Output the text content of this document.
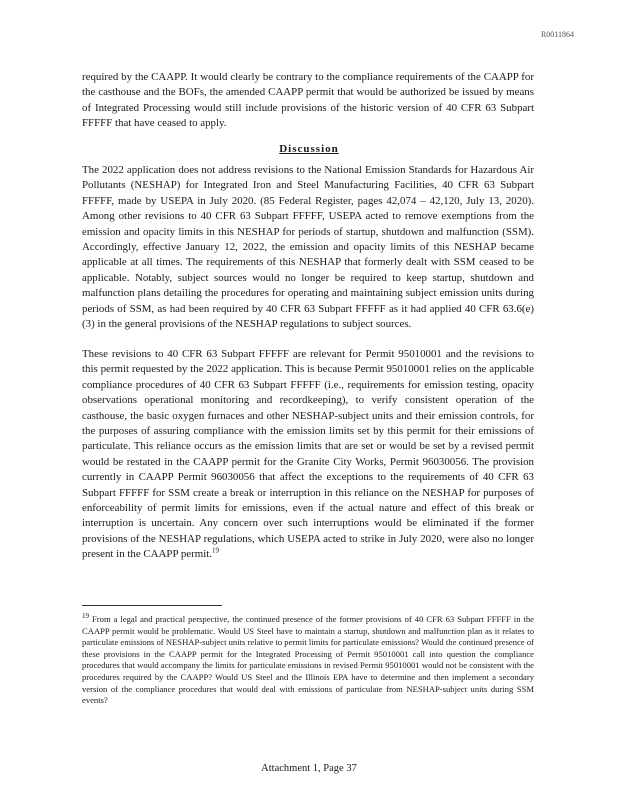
R0011864

required by the CAAPP. It would clearly be contrary to the compliance requirements of the CAAPP for the casthouse and the BOFs, the amended CAAPP permit that would be authorized be issued by means of Integrated Processing would still include provisions of the historic version of 40 CFR 63 Subpart FFFFF that have ceased to apply.

Discussion

The 2022 application does not address revisions to the National Emission Standards for Hazardous Air Pollutants (NESHAP) for Integrated Iron and Steel Manufacturing Facilities, 40 CFR 63 Subpart FFFFF, made by USEPA in July 2020. (85 Federal Register, pages 42,074 – 42,120, July 13, 2020). Among other revisions to 40 CFR 63 Subpart FFFFF, USEPA acted to remove exemptions from the emission and opacity limits in this NESHAP for periods of startup, shutdown and malfunction (SSM). Accordingly, effective January 12, 2022, the emission and opacity limits of this NESHAP became applicable at all times. The requirements of this NESHAP that formerly dealt with SSM ceased to be applicable. Notably, subject sources would no longer be required to keep startup, shutdown and malfunction plans detailing the procedures for operating and maintaining subject emission units during periods of SSM, as had been required by 40 CFR 63 Subpart FFFFF as it had applied 40 CFR 63.6(e)(3) in the general provisions of the NESHAP regulations to subject sources.

These revisions to 40 CFR 63 Subpart FFFFF are relevant for Permit 95010001 and the revisions to this permit requested by the 2022 application. This is because Permit 95010001 relies on the applicable compliance procedures of 40 CFR 63 Subpart FFFFF (i.e., requirements for emission testing, opacity observations operational monitoring and recordkeeping), to verify consistent operation of the casthouse, the basic oxygen furnaces and other NESHAP-subject units and their emission controls, for the purposes of assuring compliance with the emission limits set by this permit for their emissions of particulate. This reliance occurs as the emission limits that are set or would be set by a revised permit would be restated in the CAAPP permit for the Granite City Works, Permit 96030056. The provision currently in CAAPP Permit 96030056 that affect the exceptions to the requirements of 40 CFR 63 Subpart FFFFF for SSM create a break or interruption in this reliance on the NESHAP for purposes of enforceability of permit limits for emissions, even if the actual nature and effect of this break or interruption is uncertain. Any concern over such interruptions would be eliminated if the former provisions of the NESHAP regulations, which USEPA acted to strike in July 2020, were also no longer present in the CAAPP permit.$^{19}$

$^{19}$ From a legal and practical perspective, the continued presence of the former provisions of 40 CFR 63 Subpart FFFFF in the CAAPP permit would be problematic. Would US Steel have to maintain a startup, shutdown and malfunction plan as it relates to particulate emissions of NESHAP-subject units relative to permit limits for particulate emissions? Would the continued presence of these provisions in the CAAPP permit for the Integrated Processing of Permit 95010001 call into question the compliance procedures that would accompany the limits for particulate emissions in revised Permit 95010001 would not be consistent with the procedures required by the CAAPP? Would US Steel and the Illinois EPA have to determine and then implement a secondary version of the compliance procedures that would deal with emissions of particulate from NESHAP-subject units during SSM events?
Attachment 1, Page 37
